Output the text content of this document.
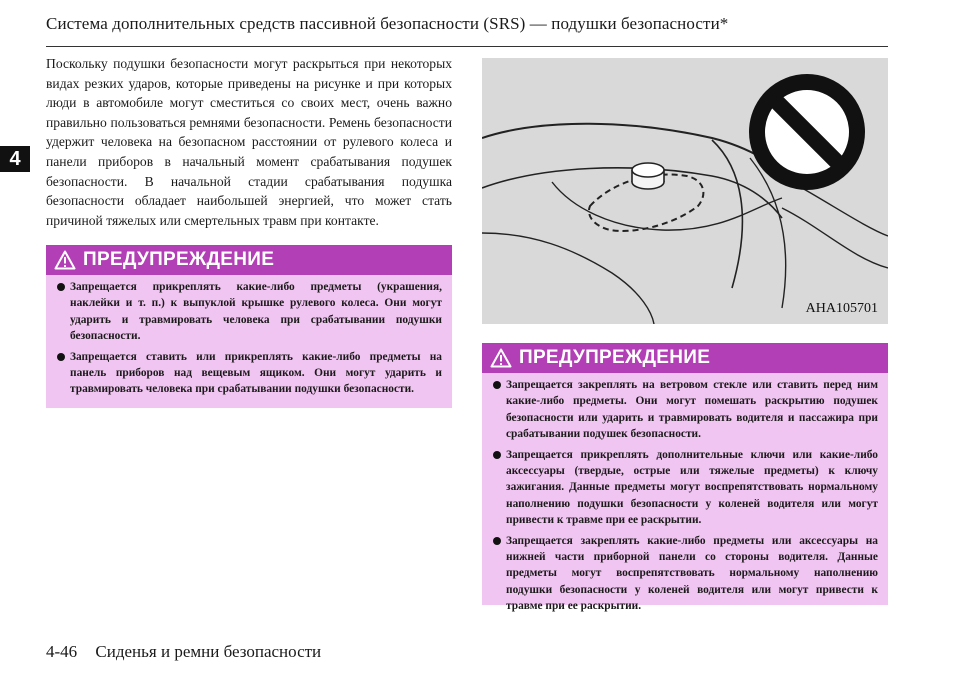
Система дополнительных средств пассивной безопасности (SRS) — подушки безопасности*
4
Поскольку подушки безопасности могут раскрыться при некоторых видах резких ударов, которые приведены на рисунке и при которых люди в автомобиле могут сместиться со своих мест, очень важно правильно пользоваться ремнями безопасности. Ремень безопасности удержит человека на безопасном расстоянии от рулевого колеса и панели приборов в начальный момент срабатывания подушек безопасности. В начальной стадии срабатывания подушка безопасности обладает наибольшей энергией, что может стать причиной тяжелых или смертельных травм при контакте.
ПРЕДУПРЕЖДЕНИЕ
Запрещается прикреплять какие-либо предметы (украшения, наклейки и т. п.) к выпуклой крышке рулевого колеса. Они могут ударить и травмировать человека при срабатывании подушки безопасности.
Запрещается ставить или прикреплять какие-либо предметы на панель приборов над вещевым ящиком. Они могут ударить и травмировать человека при срабатывании подушки безопасности.
AHA105701
ПРЕДУПРЕЖДЕНИЕ
Запрещается закреплять на ветровом стекле или ставить перед ним какие-либо предметы. Они могут помешать раскрытию подушек безопасности или ударить и травмировать водителя и пассажира при срабатывании подушек безопасности.
Запрещается прикреплять дополнительные ключи или какие-либо аксессуары (твердые, острые или тяжелые предметы) к ключу зажигания. Данные предметы могут воспрепятствовать нормальному наполнению подушки безопасности у коленей водителя или могут привести к травме при ее раскрытии.
Запрещается закреплять какие-либо предметы или аксессуары на нижней части приборной панели со стороны водителя. Данные предметы могут воспрепятствовать нормальному наполнению подушки безопасности у коленей водителя или могут привести к травме при ее раскрытии.
4-46 Сиденья и ремни безопасности
